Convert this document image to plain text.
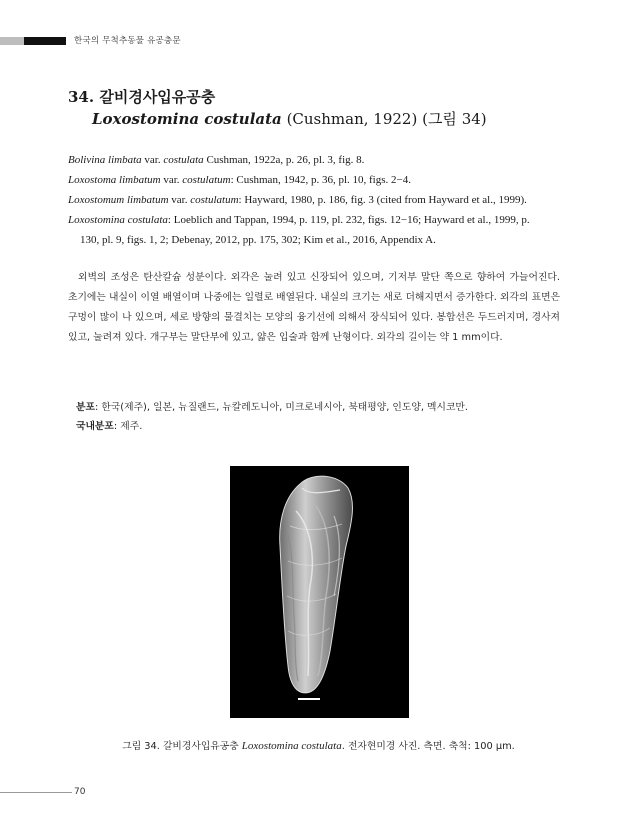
한국의 무척추동물 유공충문
34. 갈비경사입유공충
Loxostomina costulata (Cushman, 1922) (그림 34)

Bolivina limbata var. costulata Cushman, 1922a, p. 26, pl. 3, fig. 8.

Loxostoma limbatum var. costulatum: Cushman, 1942, p. 36, pl. 10, figs. 2−4.

Loxostomum limbatum var. costulatum: Hayward, 1980, p. 186, fig. 3 (cited from Hayward et al., 1999).

Loxostomina costulata: Loeblich and Tappan, 1994, p. 119, pl. 232, figs. 12−16; Hayward et al., 1999, p.

130, pl. 9, figs. 1, 2; Debenay, 2012, pp. 175, 302; Kim et al., 2016, Appendix A.

외벽의 조성은 탄산칼슘 성분이다. 외각은 눌려 있고 신장되어 있으며, 기저부 말단 쪽으로 향하여 가늘어진다. 초기에는 내실이 이열 배열이며 나중에는 일렬로 배열된다. 내실의 크기는 새로 더해지면서 증가한다. 외각의 표면은 구멍이 많이 나 있으며, 세로 방향의 물결치는 모양의 융기선에 의해서 장식되어 있다. 봉합선은 두드러지며, 경사져 있고, 눌려져 있다. 개구부는 말단부에 있고, 얇은 입술과 함께 난형이다. 외각의 길이는 약 1 mm이다.
분포: 한국(제주), 일본, 뉴질랜드, 뉴칼레도니아, 미크로네시아, 북태평양, 인도양, 멕시코만.
국내분포: 제주.
그림 34. 갈비경사입유공충 Loxostomina costulata. 전자현미경 사진. 측면. 축척: 100 μm.
70
